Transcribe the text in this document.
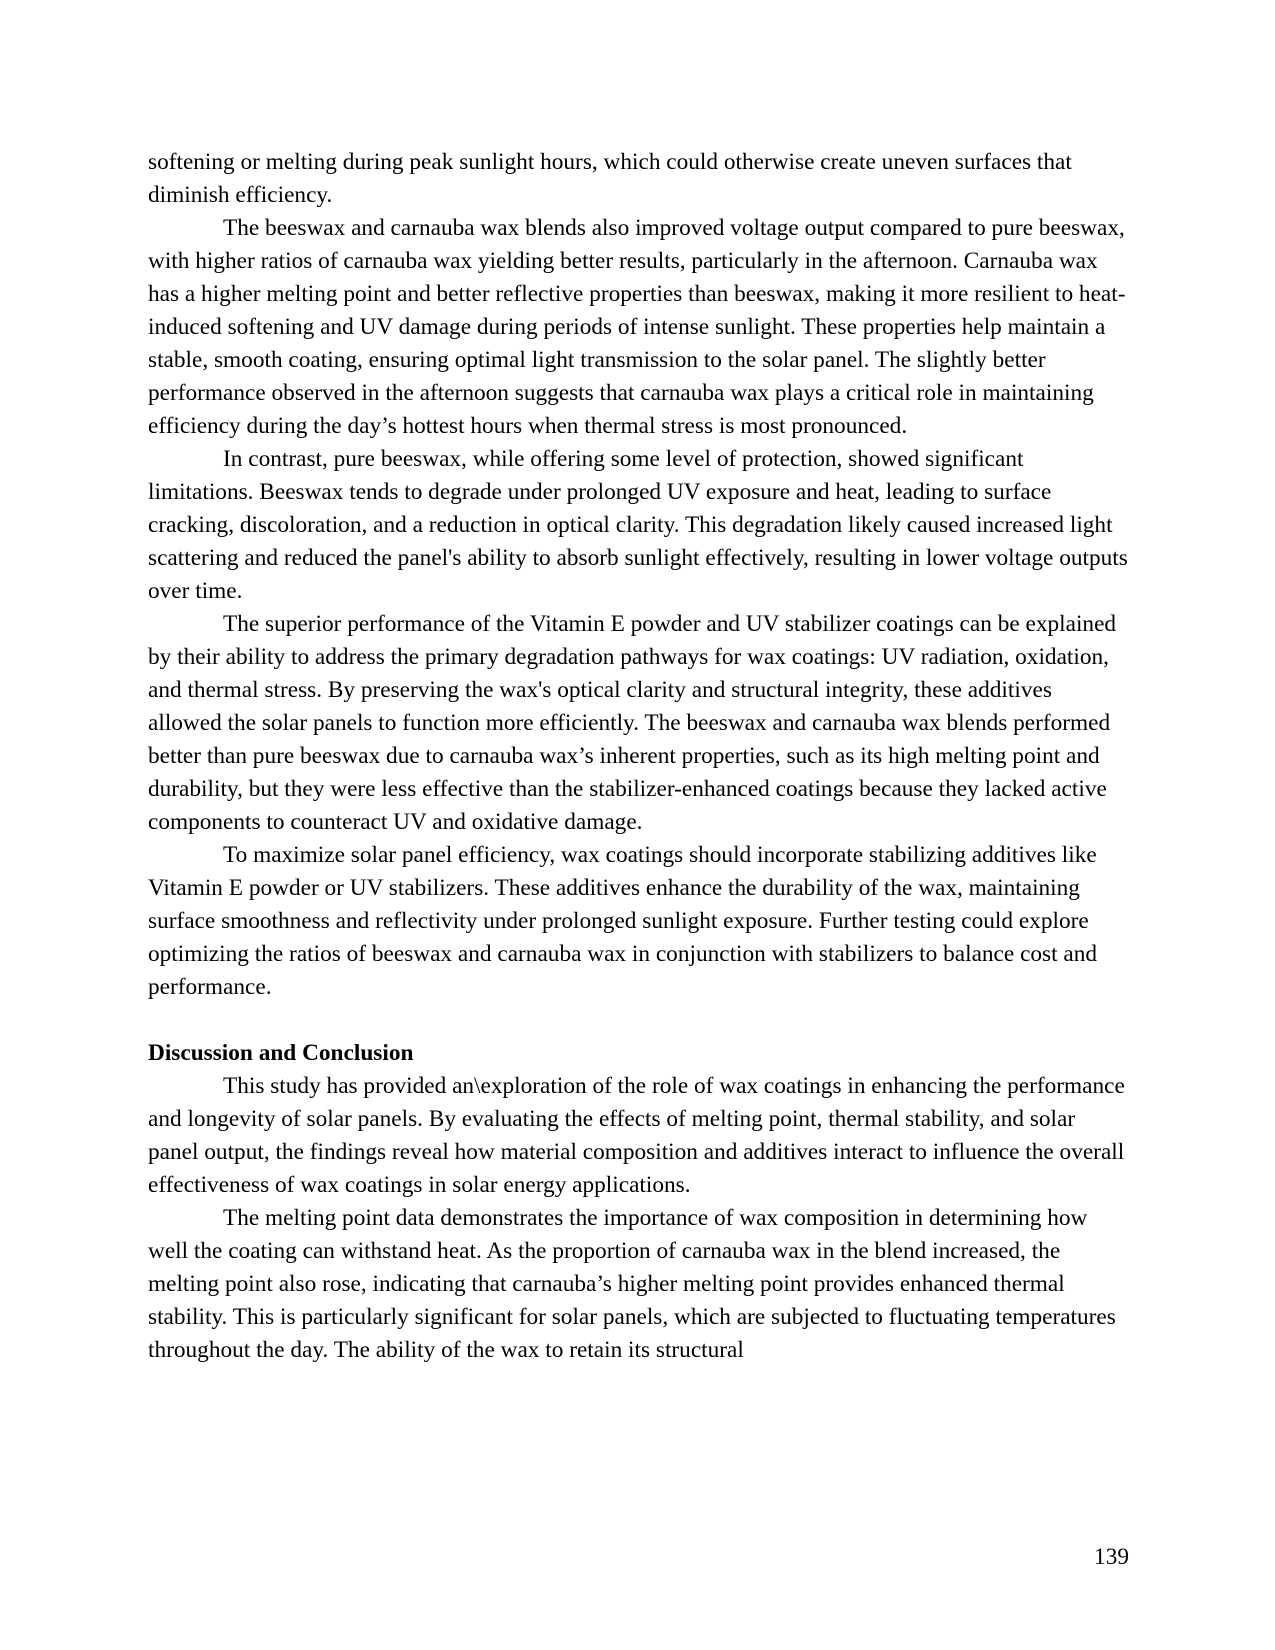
softening or melting during peak sunlight hours, which could otherwise create uneven surfaces that diminish efficiency.

The beeswax and carnauba wax blends also improved voltage output compared to pure beeswax, with higher ratios of carnauba wax yielding better results, particularly in the afternoon. Carnauba wax has a higher melting point and better reflective properties than beeswax, making it more resilient to heat-induced softening and UV damage during periods of intense sunlight. These properties help maintain a stable, smooth coating, ensuring optimal light transmission to the solar panel. The slightly better performance observed in the afternoon suggests that carnauba wax plays a critical role in maintaining efficiency during the day’s hottest hours when thermal stress is most pronounced.

In contrast, pure beeswax, while offering some level of protection, showed significant limitations. Beeswax tends to degrade under prolonged UV exposure and heat, leading to surface cracking, discoloration, and a reduction in optical clarity. This degradation likely caused increased light scattering and reduced the panel's ability to absorb sunlight effectively, resulting in lower voltage outputs over time.

The superior performance of the Vitamin E powder and UV stabilizer coatings can be explained by their ability to address the primary degradation pathways for wax coatings: UV radiation, oxidation, and thermal stress. By preserving the wax's optical clarity and structural integrity, these additives allowed the solar panels to function more efficiently. The beeswax and carnauba wax blends performed better than pure beeswax due to carnauba wax’s inherent properties, such as its high melting point and durability, but they were less effective than the stabilizer-enhanced coatings because they lacked active components to counteract UV and oxidative damage.

To maximize solar panel efficiency, wax coatings should incorporate stabilizing additives like Vitamin E powder or UV stabilizers. These additives enhance the durability of the wax, maintaining surface smoothness and reflectivity under prolonged sunlight exposure. Further testing could explore optimizing the ratios of beeswax and carnauba wax in conjunction with stabilizers to balance cost and performance.

Discussion and Conclusion

This study has provided an\exploration of the role of wax coatings in enhancing the performance and longevity of solar panels. By evaluating the effects of melting point, thermal stability, and solar panel output, the findings reveal how material composition and additives interact to influence the overall effectiveness of wax coatings in solar energy applications.

The melting point data demonstrates the importance of wax composition in determining how well the coating can withstand heat. As the proportion of carnauba wax in the blend increased, the melting point also rose, indicating that carnauba’s higher melting point provides enhanced thermal stability. This is particularly significant for solar panels, which are subjected to fluctuating temperatures throughout the day. The ability of the wax to retain its structural

139
